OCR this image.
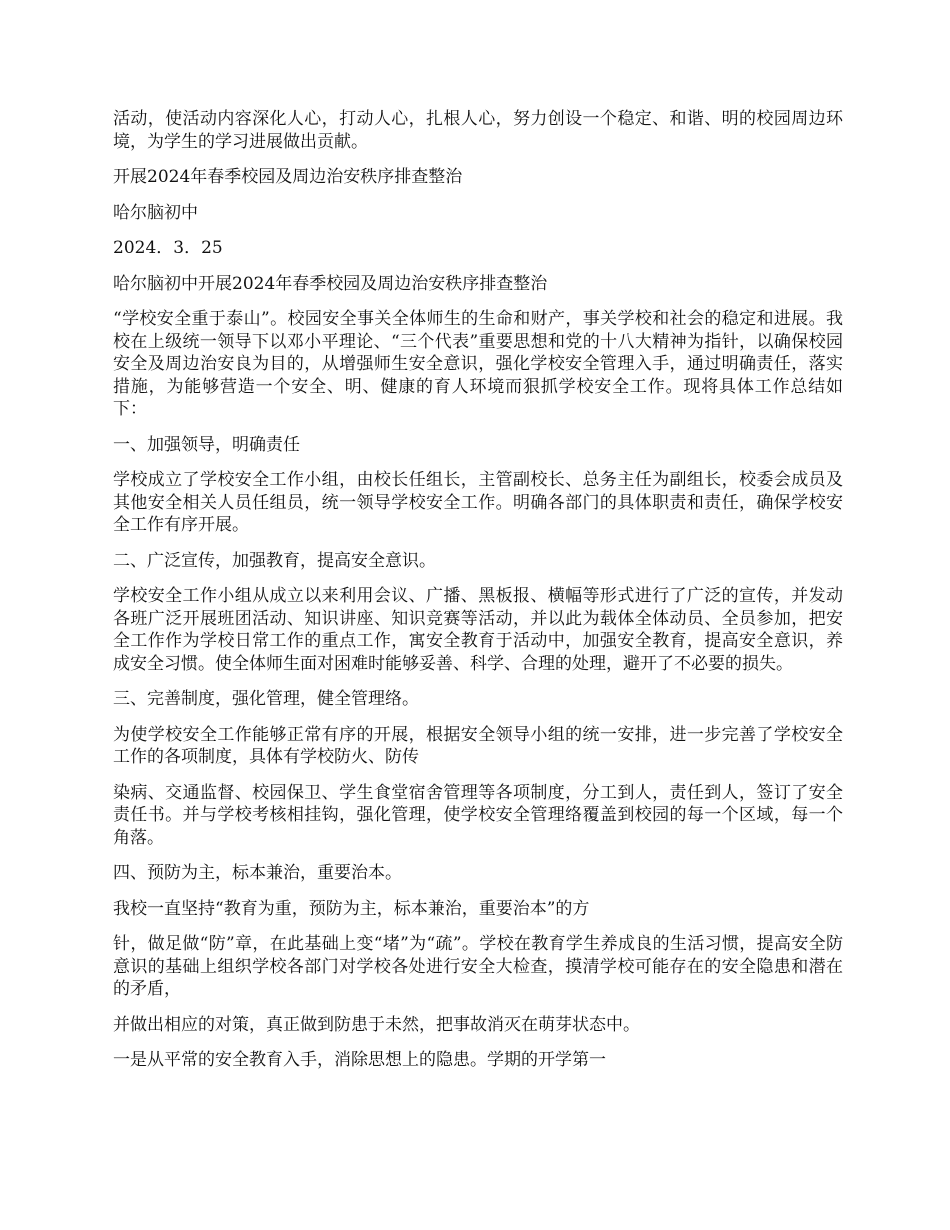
活动，使活动内容深化人心，打动人心，扎根人心，努力创设一个稳定、和谐、明的校园周边环境，为学生的学习进展做出贡献。

开展2024年春季校园及周边治安秩序排查整治

哈尔脑初中

2024．3．25

哈尔脑初中开展2024年春季校园及周边治安秩序排查整治

“学校安全重于泰山”。校园安全事关全体师生的生命和财产，事关学校和社会的稳定和进展。我校在上级统一领导下以邓小平理论、“三个代表”重要思想和党的十八大精神为指针，以确保校园安全及周边治安良为目的，从增强师生安全意识，强化学校安全管理入手，通过明确责任，落实措施，为能够营造一个安全、明、健康的育人环境而狠抓学校安全工作。现将具体工作总结如下：

一、加强领导，明确责任

学校成立了学校安全工作小组，由校长任组长，主管副校长、总务主任为副组长，校委会成员及其他安全相关人员任组员，统一领导学校安全工作。明确各部门的具体职责和责任，确保学校安全工作有序开展。

二、广泛宣传，加强教育，提高安全意识。

学校安全工作小组从成立以来利用会议、广播、黑板报、横幅等形式进行了广泛的宣传，并发动各班广泛开展班团活动、知识讲座、知识竞赛等活动，并以此为载体全体动员、全员参加，把安全工作作为学校日常工作的重点工作，寓安全教育于活动中，加强安全教育，提高安全意识，养成安全习惯。使全体师生面对困难时能够妥善、科学、合理的处理，避开了不必要的损失。

三、完善制度，强化管理，健全管理络。

为使学校安全工作能够正常有序的开展，根据安全领导小组的统一安排，进一步完善了学校安全工作的各项制度，具体有学校防火、防传

染病、交通监督、校园保卫、学生食堂宿舍管理等各项制度，分工到人，责任到人，签订了安全责任书。并与学校考核相挂钩，强化管理，使学校安全管理络覆盖到校园的每一个区域，每一个角落。

四、预防为主，标本兼治，重要治本。

我校一直坚持“教育为重，预防为主，标本兼治，重要治本”的方

针，做足做“防”章，在此基础上变“堵”为“疏”。学校在教育学生养成良的生活习惯，提高安全防意识的基础上组织学校各部门对学校各处进行安全大检查，摸清学校可能存在的安全隐患和潜在的矛盾，

并做出相应的对策，真正做到防患于未然，把事故消灭在萌芽状态中。

一是从平常的安全教育入手，消除思想上的隐患。学期的开学第一
